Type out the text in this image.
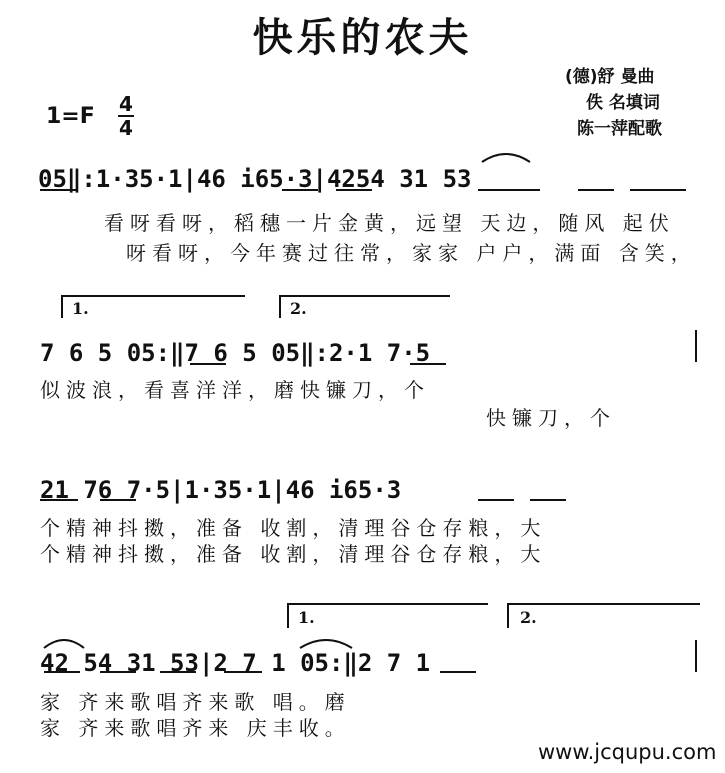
快乐的农夫
(德)舒 曼曲
佚 名填词
陈一萍配歌
1=F 4
4
05‖:1·35·1|46 i65·3|4254 31 53
看呀看呀，稻穗一片金黄，远望 天边，随风 起伏
呀看呀，今年赛过往常，家家 户户，满面 含笑，
1.	2.
7 6 5 05:‖7 6 5 05‖:2·1 7·5
似波浪，看喜洋洋，磨快镰刀，个
快镰刀，个
21 76 7·5|1·35·1|46 i65·3
个精神抖擞，准备 收割，清理谷仓存粮，大
个精神抖擞，准备 收割，清理谷仓存粮，大
1.	2.
42 54 31 53|2 7 1 05:‖2 7 1
家 齐来歌唱齐来歌 唱。磨
家 齐来歌唱齐来 庆丰收。
www.jcqupu.com
